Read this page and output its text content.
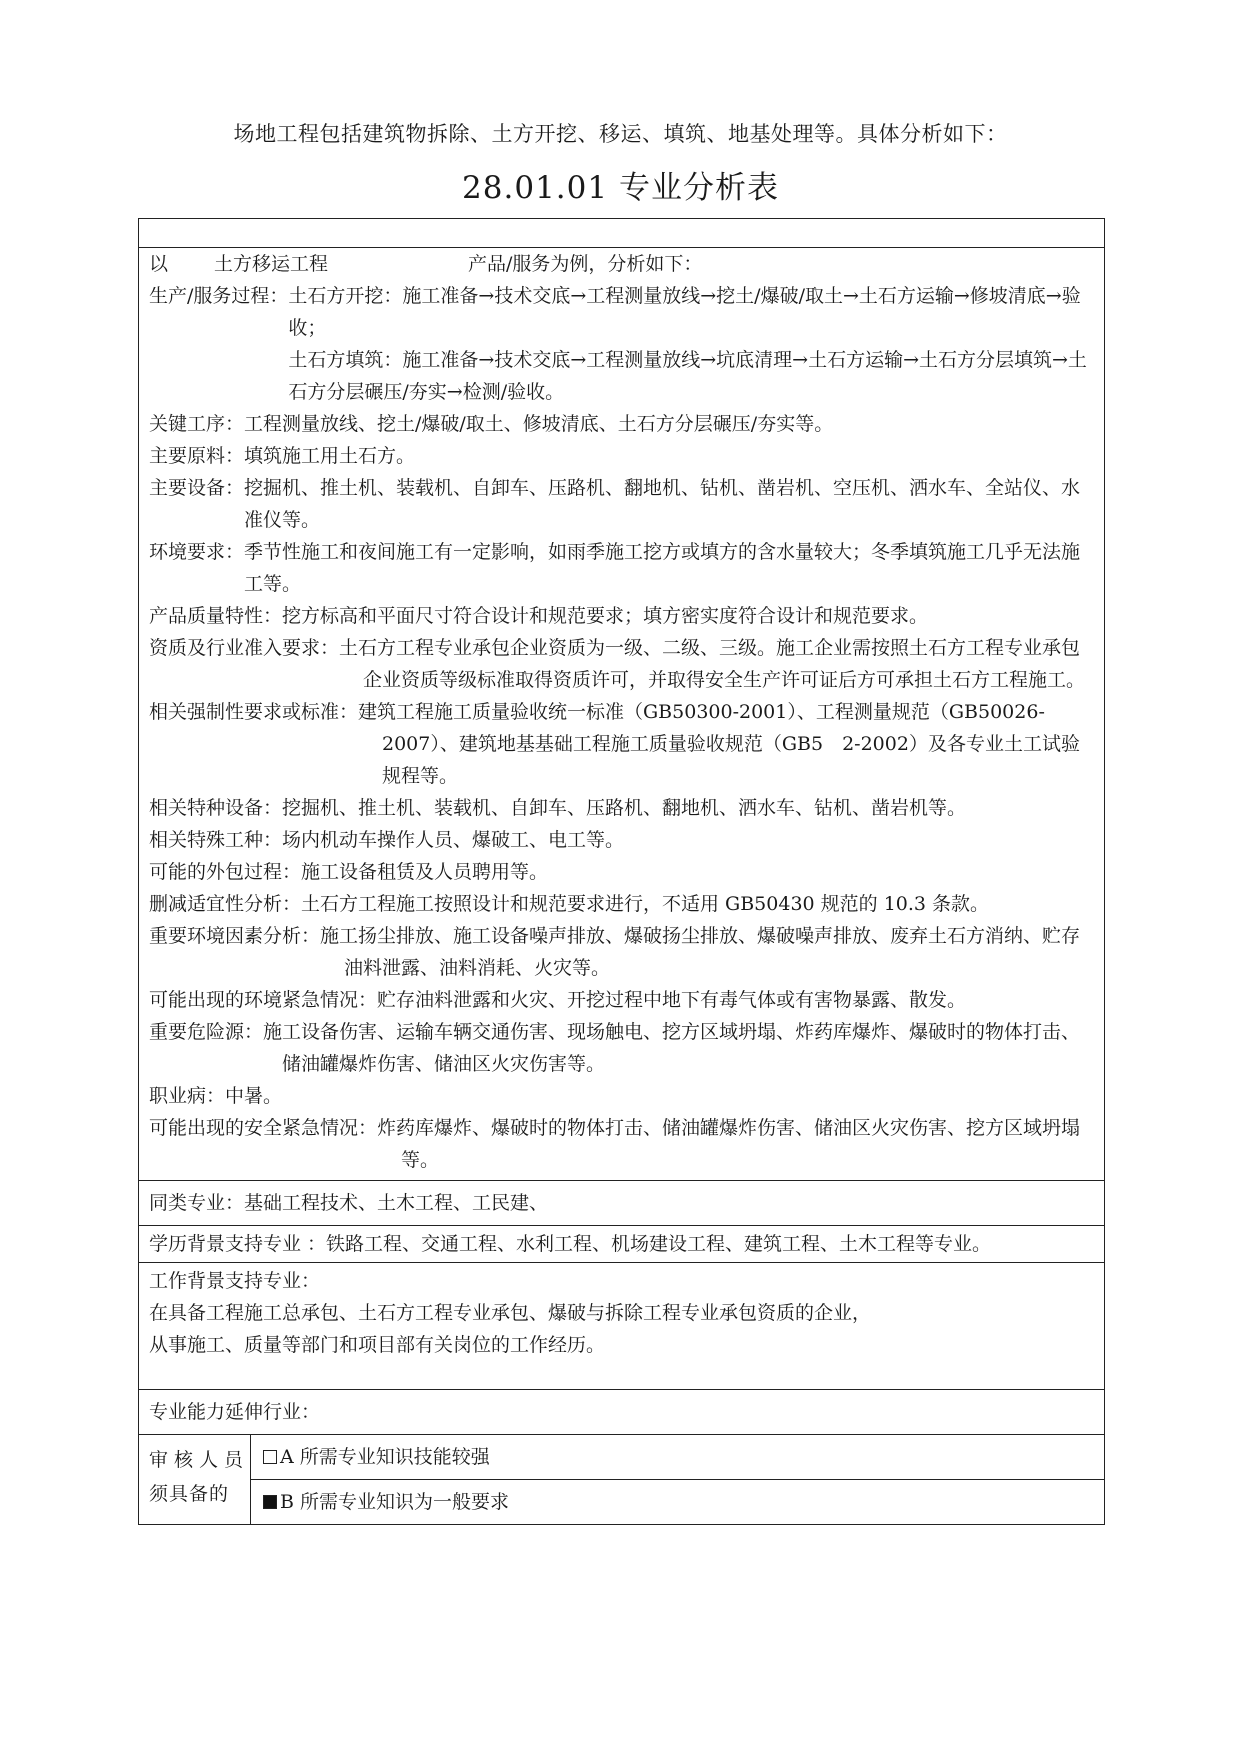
场地工程包括建筑物拆除、土方开挖、移运、填筑、地基处理等。具体分析如下：
28.01.01 专业分析表

以 土方移运工程	产品/服务为例，分析如下：
生产/服务过程： 土石方开挖：施工准备→技术交底→工程测量放线→挖土/爆破/取土→土石方运输→修坡清底→验收；
土石方填筑：施工准备→技术交底→工程测量放线→坑底清理→土石方运输→土石方分层填筑→土石方分层碾压/夯实→检测/验收。
关键工序：工程测量放线、挖土/爆破/取土、修坡清底、土石方分层碾压/夯实等。
主要原料：填筑施工用土石方。
主要设备：挖掘机、推土机、装载机、自卸车、压路机、翻地机、钻机、凿岩机、空压机、洒水车、全站仪、水准仪等。
环境要求：季节性施工和夜间施工有一定影响，如雨季施工挖方或填方的含水量较大；冬季填筑施工几乎无法施工等。
产品质量特性：挖方标高和平面尺寸符合设计和规范要求；填方密实度符合设计和规范要求。
资质及行业准入要求：土石方工程专业承包企业资质为一级、二级、三级。施工企业需按照土石方工程专业承包企业资质等级标准取得资质许可，并取得安全生产许可证后方可承担土石方工程施工。
相关强制性要求或标准：建筑工程施工质量验收统一标准（GB50300-2001）、工程测量规范（GB50026-2007）、建筑地基基础工程施工质量验收规范（GB5　2-2002）及各专业土工试验规程等。
相关特种设备：挖掘机、推土机、装载机、自卸车、压路机、翻地机、洒水车、钻机、凿岩机等。
相关特殊工种：场内机动车操作人员、爆破工、电工等。
可能的外包过程：施工设备租赁及人员聘用等。
删减适宜性分析：土石方工程施工按照设计和规范要求进行，不适用 GB50430 规范的 10.3 条款。
重要环境因素分析：施工扬尘排放、施工设备噪声排放、爆破扬尘排放、爆破噪声排放、废弃土石方消纳、贮存油料泄露、油料消耗、火灾等。
可能出现的环境紧急情况：贮存油料泄露和火灾、开挖过程中地下有毒气体或有害物暴露、散发。
重要危险源：施工设备伤害、运输车辆交通伤害、现场触电、挖方区域坍塌、炸药库爆炸、爆破时的物体打击、储油罐爆炸伤害、储油区火灾伤害等。
职业病：中暑。
可能出现的安全紧急情况：炸药库爆炸、爆破时的物体打击、储油罐爆炸伤害、储油区火灾伤害、挖方区域坍塌等。

同类专业：基础工程技术、土木工程、工民建、

学历背景支持专业 ：铁路工程、交通工程、水利工程、机场建设工程、建筑工程、土木工程等专业。

工作背景支持专业：
在具备工程施工总承包、土石方工程专业承包、爆破与拆除工程专业承包资质的企业，
从事施工、质量等部门和项目部有关岗位的工作经历。

专业能力延伸行业：
审核人员须具备的	A 所需专业知识技能较强
B 所需专业知识为一般要求
